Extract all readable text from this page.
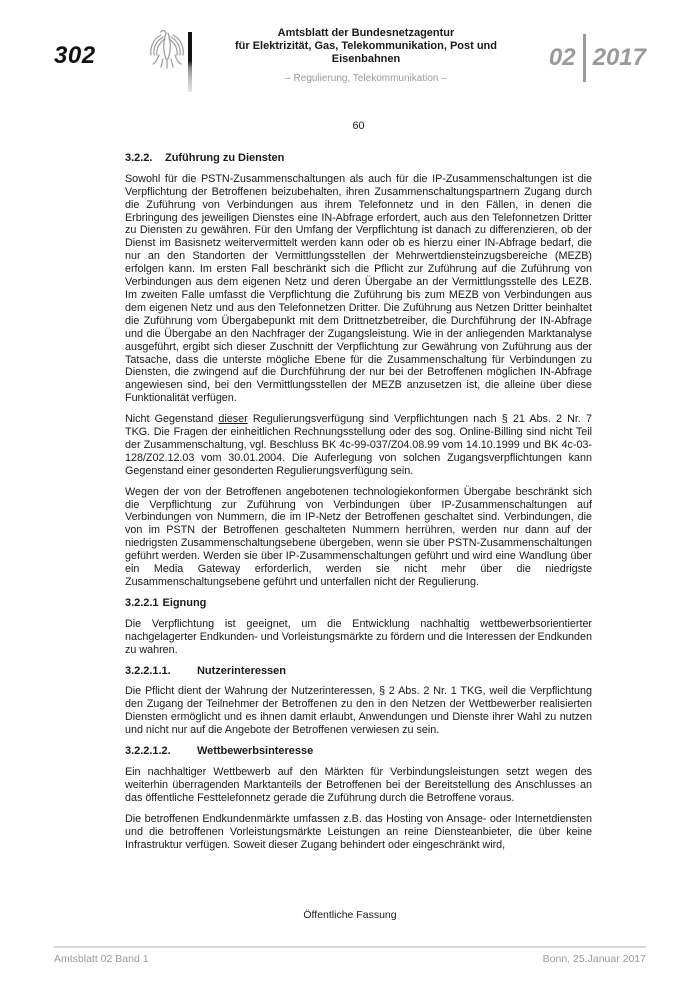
302
Amtsblatt der Bundesnetzagentur
für Elektrizität, Gas, Telekommunikation, Post und Eisenbahnen
– Regulierung, Telekommunikation –
02 2017
60
3.2.2. Zuführung zu Diensten

Sowohl für die PSTN-Zusammenschaltungen als auch für die IP-Zusammenschaltungen ist die Verpflichtung der Betroffenen beizubehalten, ihren Zusammenschaltungspartnern Zugang durch die Zuführung von Verbindungen aus ihrem Telefonnetz und in den Fällen, in denen die Erbringung des jeweiligen Dienstes eine IN-Abfrage erfordert, auch aus den Telefonnetzen Dritter zu Diensten zu gewähren. Für den Umfang der Verpflichtung ist danach zu differenzieren, ob der Dienst im Basisnetz weitervermittelt werden kann oder ob es hierzu einer IN-Abfrage bedarf, die nur an den Standorten der Vermittlungsstellen der Mehrwertdiensteinzugsbereiche (MEZB) erfolgen kann. Im ersten Fall beschränkt sich die Pflicht zur Zuführung auf die Zuführung von Verbindungen aus dem eigenen Netz und deren Übergabe an der Vermittlungsstelle des LEZB. Im zweiten Falle umfasst die Verpflichtung die Zuführung bis zum MEZB von Verbindungen aus dem eigenen Netz und aus den Telefonnetzen Dritter. Die Zuführung aus Netzen Dritter beinhaltet die Zuführung vom Übergabepunkt mit dem Drittnetzbetreiber, die Durchführung der IN-Abfrage und die Übergabe an den Nachfrager der Zugangsleistung. Wie in der anliegenden Marktanalyse ausgeführt, ergibt sich dieser Zuschnitt der Verpflichtung zur Gewährung von Zuführung aus der Tatsache, dass die unterste mögliche Ebene für die Zusammenschaltung für Verbindungen zu Diensten, die zwingend auf die Durchführung der nur bei der Betroffenen möglichen IN-Abfrage angewiesen sind, bei den Vermittlungsstellen der MEZB anzusetzen ist, die alleine über diese Funktionalität verfügen.

Nicht Gegenstand dieser Regulierungsverfügung sind Verpflichtungen nach § 21 Abs. 2 Nr. 7 TKG. Die Fragen der einheitlichen Rechnungsstellung oder des sog. Online-Billing sind nicht Teil der Zusammenschaltung, vgl. Beschluss BK 4c-99-037/Z04.08.99 vom 14.10.1999 und BK 4c-03-128/Z02.12.03 vom 30.01.2004. Die Auferlegung von solchen Zugangsverpflichtungen kann Gegenstand einer gesonderten Regulierungsverfügung sein.

Wegen der von der Betroffenen angebotenen technologiekonformen Übergabe beschränkt sich die Verpflichtung zur Zuführung von Verbindungen über IP-Zusammenschaltungen auf Verbindungen von Nummern, die im IP-Netz der Betroffenen geschaltet sind. Verbindungen, die von im PSTN der Betroffenen geschalteten Nummern herrühren, werden nur dann auf der niedrigsten Zusammenschaltungsebene übergeben, wenn sie über PSTN-Zusammenschaltungen geführt werden. Werden sie über IP-Zusammenschaltungen geführt und wird eine Wandlung über ein Media Gateway erforderlich, werden sie nicht mehr über die niedrigste Zusammenschaltungsebene geführt und unterfallen nicht der Regulierung.

3.2.2.1 Eignung

Die Verpflichtung ist geeignet, um die Entwicklung nachhaltig wettbewerbsorientierter nachgelagerter Endkunden- und Vorleistungsmärkte zu fördern und die Interessen der Endkunden zu wahren.

3.2.2.1.1. Nutzerinteressen

Die Pflicht dient der Wahrung der Nutzerinteressen, § 2 Abs. 2 Nr. 1 TKG, weil die Verpflichtung den Zugang der Teilnehmer der Betroffenen zu den in den Netzen der Wettbewerber realisierten Diensten ermöglicht und es ihnen damit erlaubt, Anwendungen und Dienste ihrer Wahl zu nutzen und nicht nur auf die Angebote der Betroffenen verwiesen zu sein.

3.2.2.1.2. Wettbewerbsinteresse

Ein nachhaltiger Wettbewerb auf den Märkten für Verbindungsleistungen setzt wegen des weiterhin überragenden Marktanteils der Betroffenen bei der Bereitstellung des Anschlusses an das öffentliche Festtelefonnetz gerade die Zuführung durch die Betroffene voraus.

Die betroffenen Endkundenmärkte umfassen z.B. das Hosting von Ansage- oder Internetdiensten und die betroffenen Vorleistungsmärkte Leistungen an reine Diensteanbieter, die über keine Infrastruktur verfügen. Soweit dieser Zugang behindert oder eingeschränkt wird,

Öffentliche Fassung
Amtsblatt 02 Band 1	Bonn, 25.Januar 2017
